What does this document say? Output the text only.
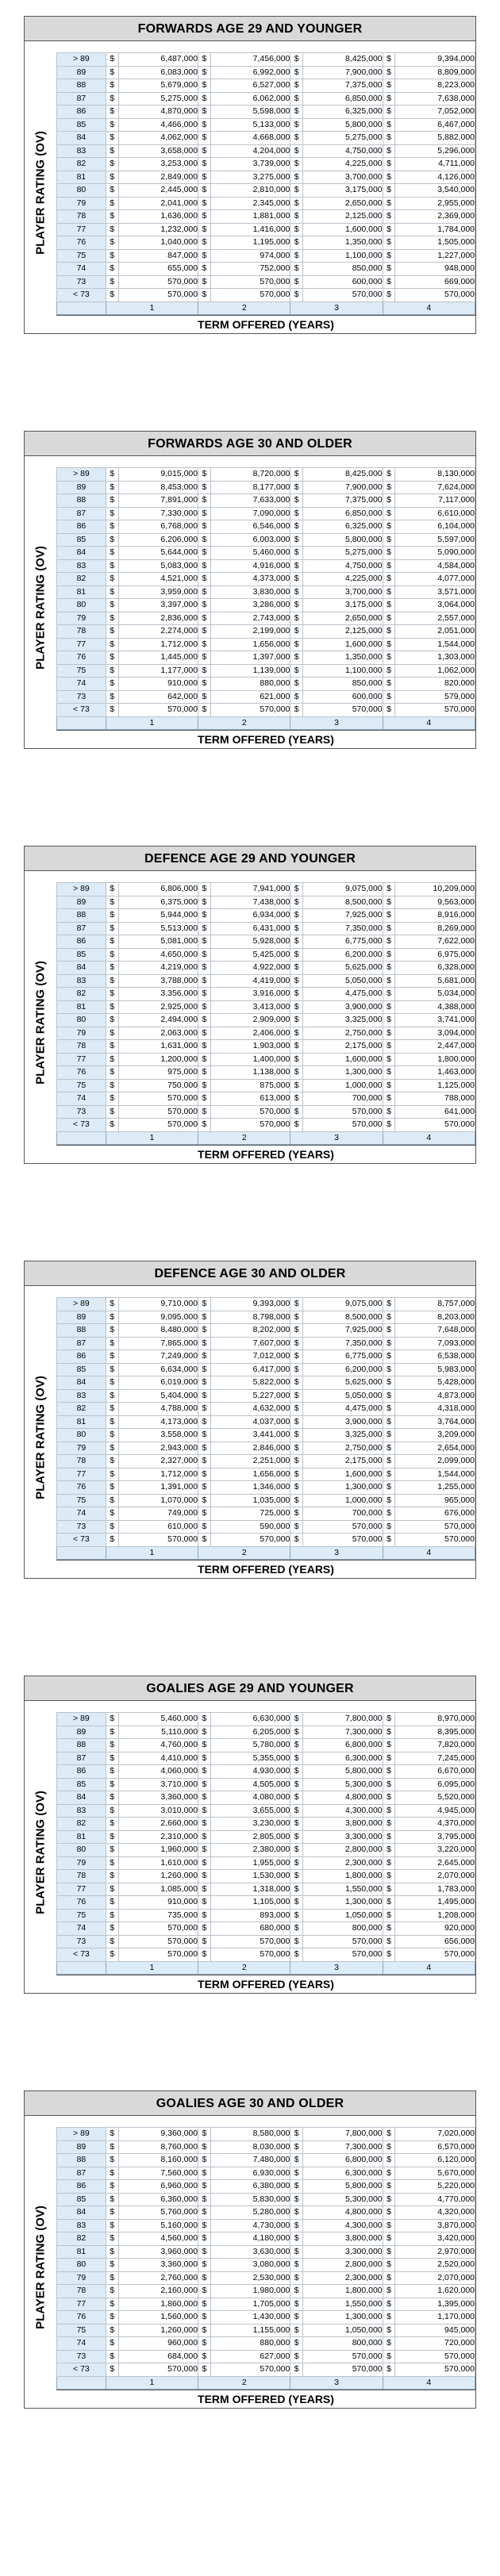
FORWARDS AGE 29 AND YOUNGER
PLAYER RATING (OV)
> 89	$	6,487,000	$	7,456,000	$	8,425,000	$	9,394,000
89	$	6,083,000	$	6,992,000	$	7,900,000	$	8,809,000
88	$	5,679,000	$	6,527,000	$	7,375,000	$	8,223,000
87	$	5,275,000	$	6,062,000	$	6,850,000	$	7,638,000
86	$	4,870,000	$	5,598,000	$	6,325,000	$	7,052,000
85	$	4,466,000	$	5,133,000	$	5,800,000	$	6,467,000
84	$	4,062,000	$	4,668,000	$	5,275,000	$	5,882,000
83	$	3,658,000	$	4,204,000	$	4,750,000	$	5,296,000
82	$	3,253,000	$	3,739,000	$	4,225,000	$	4,711,000
81	$	2,849,000	$	3,275,000	$	3,700,000	$	4,126,000
80	$	2,445,000	$	2,810,000	$	3,175,000	$	3,540,000
79	$	2,041,000	$	2,345,000	$	2,650,000	$	2,955,000
78	$	1,636,000	$	1,881,000	$	2,125,000	$	2,369,000
77	$	1,232,000	$	1,416,000	$	1,600,000	$	1,784,000
76	$	1,040,000	$	1,195,000	$	1,350,000	$	1,505,000
75	$	847,000	$	974,000	$	1,100,000	$	1,227,000
74	$	655,000	$	752,000	$	850,000	$	948,000
73	$	570,000	$	570,000	$	600,000	$	669,000
< 73	$	570,000	$	570,000	$	570,000	$	570,000
	1		2		3		4	
TERM OFFERED (YEARS)
FORWARDS AGE 30 AND OLDER
PLAYER RATING (OV)
> 89	$	9,015,000	$	8,720,000	$	8,425,000	$	8,130,000
89	$	8,453,000	$	8,177,000	$	7,900,000	$	7,624,000
88	$	7,891,000	$	7,633,000	$	7,375,000	$	7,117,000
87	$	7,330,000	$	7,090,000	$	6,850,000	$	6,610,000
86	$	6,768,000	$	6,546,000	$	6,325,000	$	6,104,000
85	$	6,206,000	$	6,003,000	$	5,800,000	$	5,597,000
84	$	5,644,000	$	5,460,000	$	5,275,000	$	5,090,000
83	$	5,083,000	$	4,916,000	$	4,750,000	$	4,584,000
82	$	4,521,000	$	4,373,000	$	4,225,000	$	4,077,000
81	$	3,959,000	$	3,830,000	$	3,700,000	$	3,571,000
80	$	3,397,000	$	3,286,000	$	3,175,000	$	3,064,000
79	$	2,836,000	$	2,743,000	$	2,650,000	$	2,557,000
78	$	2,274,000	$	2,199,000	$	2,125,000	$	2,051,000
77	$	1,712,000	$	1,656,000	$	1,600,000	$	1,544,000
76	$	1,445,000	$	1,397,000	$	1,350,000	$	1,303,000
75	$	1,177,000	$	1,139,000	$	1,100,000	$	1,062,000
74	$	910,000	$	880,000	$	850,000	$	820,000
73	$	642,000	$	621,000	$	600,000	$	579,000
< 73	$	570,000	$	570,000	$	570,000	$	570,000
	1		2		3		4	
TERM OFFERED (YEARS)
DEFENCE AGE 29 AND YOUNGER
PLAYER RATING (OV)
> 89	$	6,806,000	$	7,941,000	$	9,075,000	$	10,209,000
89	$	6,375,000	$	7,438,000	$	8,500,000	$	9,563,000
88	$	5,944,000	$	6,934,000	$	7,925,000	$	8,916,000
87	$	5,513,000	$	6,431,000	$	7,350,000	$	8,269,000
86	$	5,081,000	$	5,928,000	$	6,775,000	$	7,622,000
85	$	4,650,000	$	5,425,000	$	6,200,000	$	6,975,000
84	$	4,219,000	$	4,922,000	$	5,625,000	$	6,328,000
83	$	3,788,000	$	4,419,000	$	5,050,000	$	5,681,000
82	$	3,356,000	$	3,916,000	$	4,475,000	$	5,034,000
81	$	2,925,000	$	3,413,000	$	3,900,000	$	4,388,000
80	$	2,494,000	$	2,909,000	$	3,325,000	$	3,741,000
79	$	2,063,000	$	2,406,000	$	2,750,000	$	3,094,000
78	$	1,631,000	$	1,903,000	$	2,175,000	$	2,447,000
77	$	1,200,000	$	1,400,000	$	1,600,000	$	1,800,000
76	$	975,000	$	1,138,000	$	1,300,000	$	1,463,000
75	$	750,000	$	875,000	$	1,000,000	$	1,125,000
74	$	570,000	$	613,000	$	700,000	$	788,000
73	$	570,000	$	570,000	$	570,000	$	641,000
< 73	$	570,000	$	570,000	$	570,000	$	570,000
	1		2		3		4	
TERM OFFERED (YEARS)
DEFENCE AGE 30 AND OLDER
PLAYER RATING (OV)
> 89	$	9,710,000	$	9,393,000	$	9,075,000	$	8,757,000
89	$	9,095,000	$	8,798,000	$	8,500,000	$	8,203,000
88	$	8,480,000	$	8,202,000	$	7,925,000	$	7,648,000
87	$	7,865,000	$	7,607,000	$	7,350,000	$	7,093,000
86	$	7,249,000	$	7,012,000	$	6,775,000	$	6,538,000
85	$	6,634,000	$	6,417,000	$	6,200,000	$	5,983,000
84	$	6,019,000	$	5,822,000	$	5,625,000	$	5,428,000
83	$	5,404,000	$	5,227,000	$	5,050,000	$	4,873,000
82	$	4,788,000	$	4,632,000	$	4,475,000	$	4,318,000
81	$	4,173,000	$	4,037,000	$	3,900,000	$	3,764,000
80	$	3,558,000	$	3,441,000	$	3,325,000	$	3,209,000
79	$	2,943,000	$	2,846,000	$	2,750,000	$	2,654,000
78	$	2,327,000	$	2,251,000	$	2,175,000	$	2,099,000
77	$	1,712,000	$	1,656,000	$	1,600,000	$	1,544,000
76	$	1,391,000	$	1,346,000	$	1,300,000	$	1,255,000
75	$	1,070,000	$	1,035,000	$	1,000,000	$	965,000
74	$	749,000	$	725,000	$	700,000	$	676,000
73	$	610,000	$	590,000	$	570,000	$	570,000
< 73	$	570,000	$	570,000	$	570,000	$	570,000
	1		2		3		4	
TERM OFFERED (YEARS)
GOALIES AGE 29 AND YOUNGER
PLAYER RATING (OV)
> 89	$	5,460,000	$	6,630,000	$	7,800,000	$	8,970,000
89	$	5,110,000	$	6,205,000	$	7,300,000	$	8,395,000
88	$	4,760,000	$	5,780,000	$	6,800,000	$	7,820,000
87	$	4,410,000	$	5,355,000	$	6,300,000	$	7,245,000
86	$	4,060,000	$	4,930,000	$	5,800,000	$	6,670,000
85	$	3,710,000	$	4,505,000	$	5,300,000	$	6,095,000
84	$	3,360,000	$	4,080,000	$	4,800,000	$	5,520,000
83	$	3,010,000	$	3,655,000	$	4,300,000	$	4,945,000
82	$	2,660,000	$	3,230,000	$	3,800,000	$	4,370,000
81	$	2,310,000	$	2,805,000	$	3,300,000	$	3,795,000
80	$	1,960,000	$	2,380,000	$	2,800,000	$	3,220,000
79	$	1,610,000	$	1,955,000	$	2,300,000	$	2,645,000
78	$	1,260,000	$	1,530,000	$	1,800,000	$	2,070,000
77	$	1,085,000	$	1,318,000	$	1,550,000	$	1,783,000
76	$	910,000	$	1,105,000	$	1,300,000	$	1,495,000
75	$	735,000	$	893,000	$	1,050,000	$	1,208,000
74	$	570,000	$	680,000	$	800,000	$	920,000
73	$	570,000	$	570,000	$	570,000	$	656,000
< 73	$	570,000	$	570,000	$	570,000	$	570,000
	1		2		3		4	
TERM OFFERED (YEARS)
GOALIES AGE 30 AND OLDER
PLAYER RATING (OV)
> 89	$	9,360,000	$	8,580,000	$	7,800,000	$	7,020,000
89	$	8,760,000	$	8,030,000	$	7,300,000	$	6,570,000
88	$	8,160,000	$	7,480,000	$	6,800,000	$	6,120,000
87	$	7,560,000	$	6,930,000	$	6,300,000	$	5,670,000
86	$	6,960,000	$	6,380,000	$	5,800,000	$	5,220,000
85	$	6,360,000	$	5,830,000	$	5,300,000	$	4,770,000
84	$	5,760,000	$	5,280,000	$	4,800,000	$	4,320,000
83	$	5,160,000	$	4,730,000	$	4,300,000	$	3,870,000
82	$	4,560,000	$	4,180,000	$	3,800,000	$	3,420,000
81	$	3,960,000	$	3,630,000	$	3,300,000	$	2,970,000
80	$	3,360,000	$	3,080,000	$	2,800,000	$	2,520,000
79	$	2,760,000	$	2,530,000	$	2,300,000	$	2,070,000
78	$	2,160,000	$	1,980,000	$	1,800,000	$	1,620,000
77	$	1,860,000	$	1,705,000	$	1,550,000	$	1,395,000
76	$	1,560,000	$	1,430,000	$	1,300,000	$	1,170,000
75	$	1,260,000	$	1,155,000	$	1,050,000	$	945,000
74	$	960,000	$	880,000	$	800,000	$	720,000
73	$	684,000	$	627,000	$	570,000	$	570,000
< 73	$	570,000	$	570,000	$	570,000	$	570,000
	1		2		3		4	
TERM OFFERED (YEARS)
